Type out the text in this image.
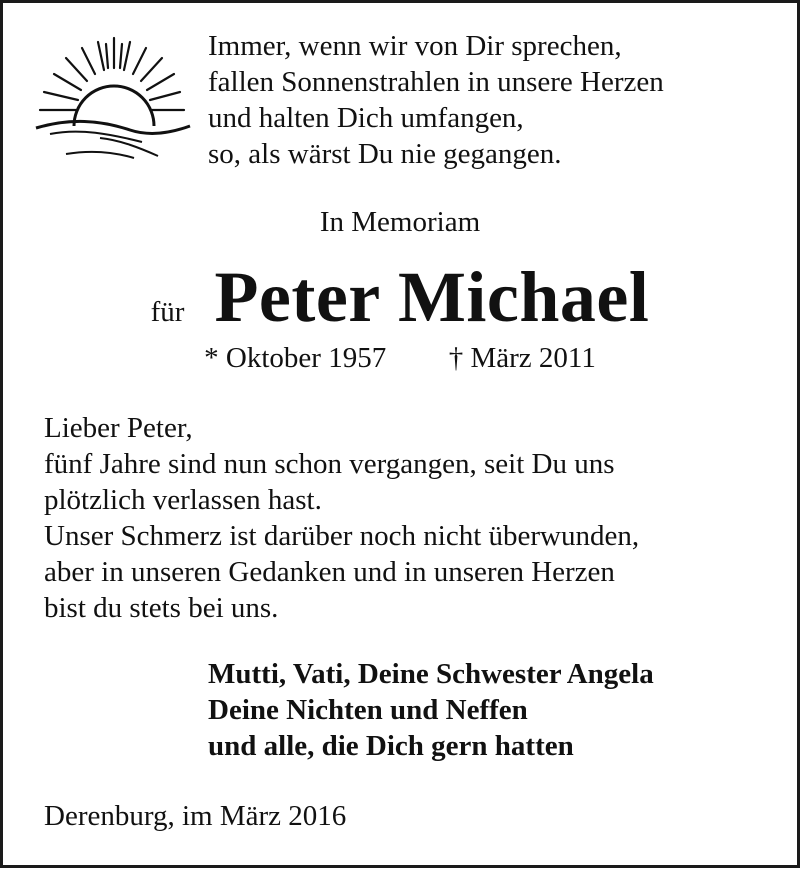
Immer, wenn wir von Dir sprechen,
fallen Sonnenstrahlen in unsere Herzen
und halten Dich umfangen,
so, als wärst Du nie gegangen.
In Memoriam
für Peter Michael
* Oktober 1957 † März 2011
Lieber Peter,
fünf Jahre sind nun schon vergangen, seit Du uns
plötzlich verlassen hast.
Unser Schmerz ist darüber noch nicht überwunden,
aber in unseren Gedanken und in unseren Herzen
bist du stets bei uns.
Mutti, Vati, Deine Schwester Angela
Deine Nichten und Neffen
und alle, die Dich gern hatten
Derenburg, im März 2016
